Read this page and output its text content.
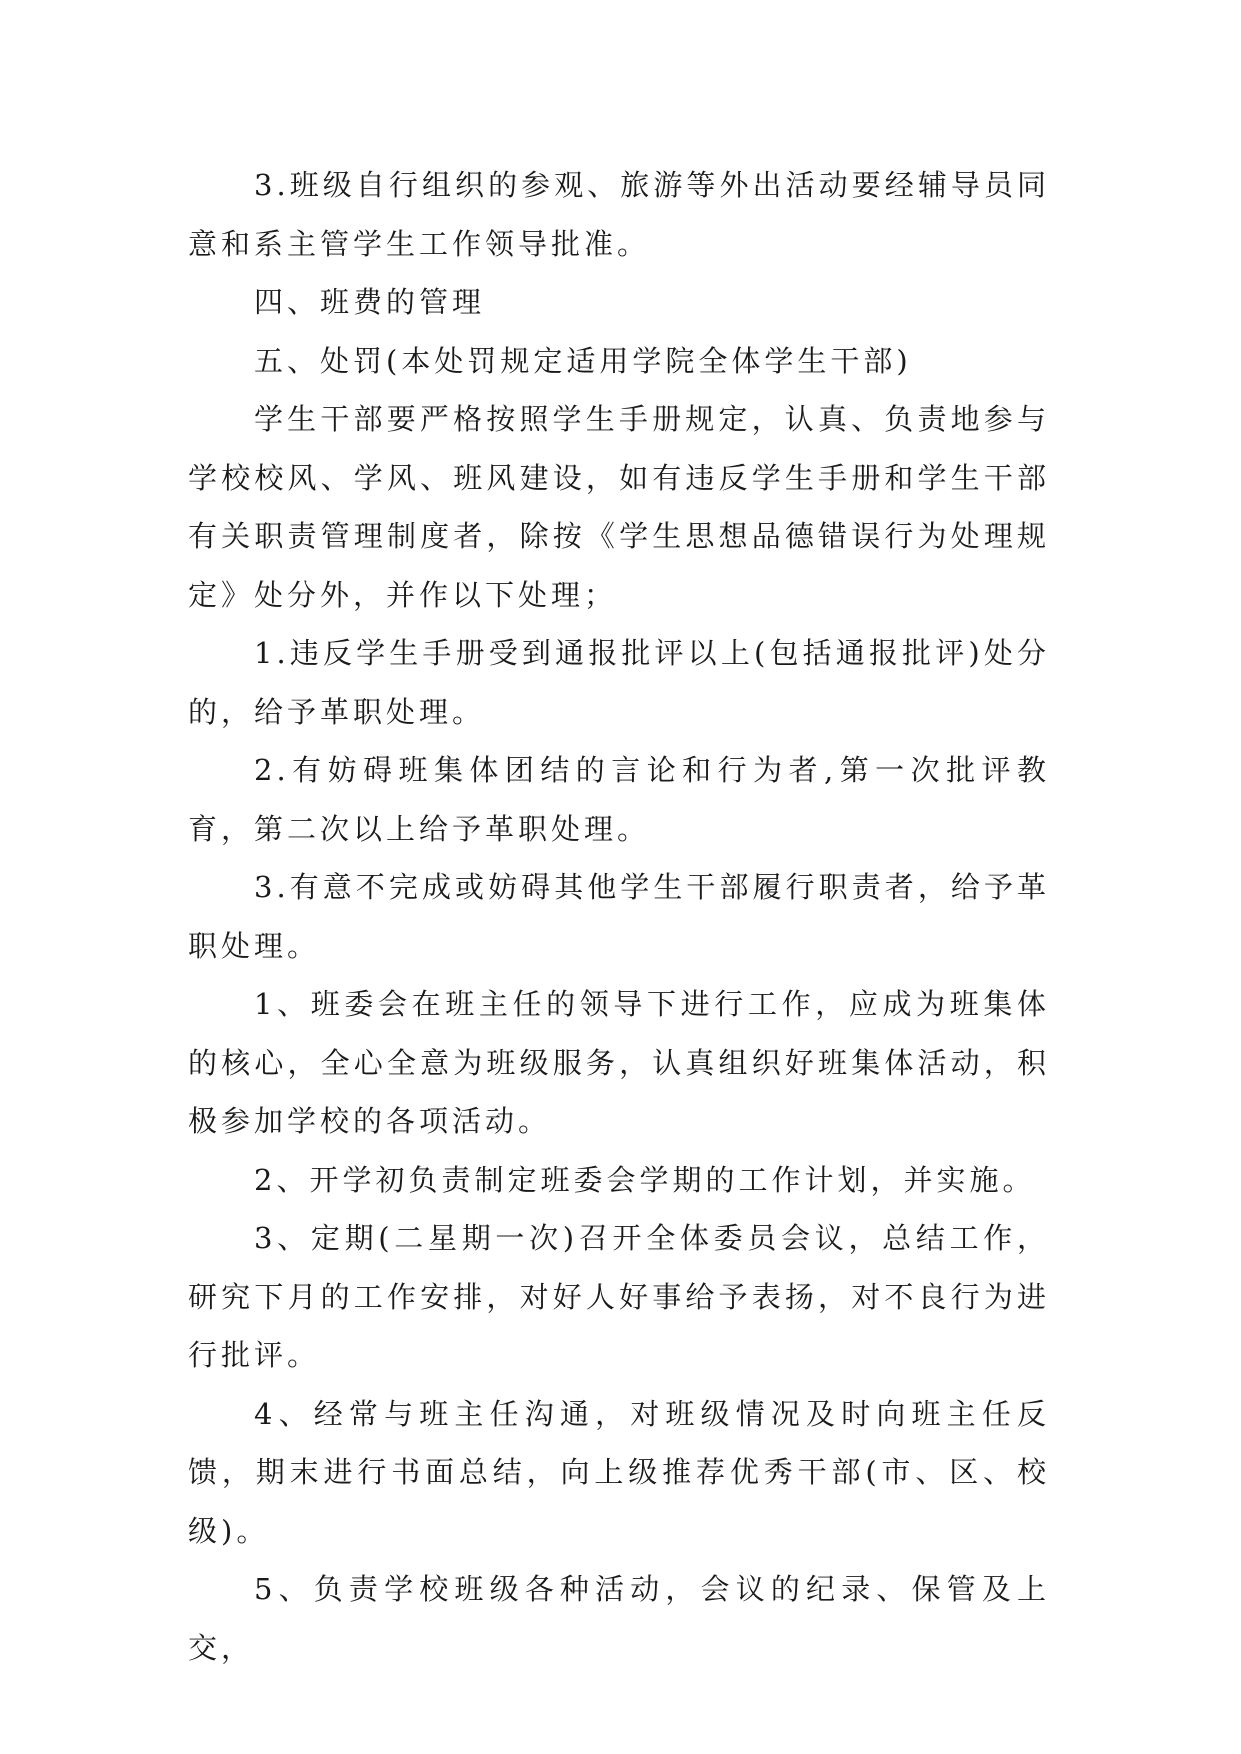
3.班级自行组织的参观、旅游等外出活动要经辅导员同意和系主管学生工作领导批准。

四、班费的管理

五、处罚(本处罚规定适用学院全体学生干部)

学生干部要严格按照学生手册规定，认真、负责地参与学校校风、学风、班风建设，如有违反学生手册和学生干部有关职责管理制度者，除按《学生思想品德错误行为处理规定》处分外，并作以下处理；

1.违反学生手册受到通报批评以上(包括通报批评)处分的，给予革职处理。

2.有妨碍班集体团结的言论和行为者,第一次批评教育，第二次以上给予革职处理。

3.有意不完成或妨碍其他学生干部履行职责者，给予革职处理。

1、班委会在班主任的领导下进行工作，应成为班集体的核心，全心全意为班级服务，认真组织好班集体活动，积极参加学校的各项活动。

2、开学初负责制定班委会学期的工作计划，并实施。

3、定期(二星期一次)召开全体委员会议，总结工作，研究下月的工作安排，对好人好事给予表扬，对不良行为进行批评。

4、经常与班主任沟通，对班级情况及时向班主任反馈，期末进行书面总结，向上级推荐优秀干部(市、区、校级)。

5、负责学校班级各种活动，会议的纪录、保管及上交，
